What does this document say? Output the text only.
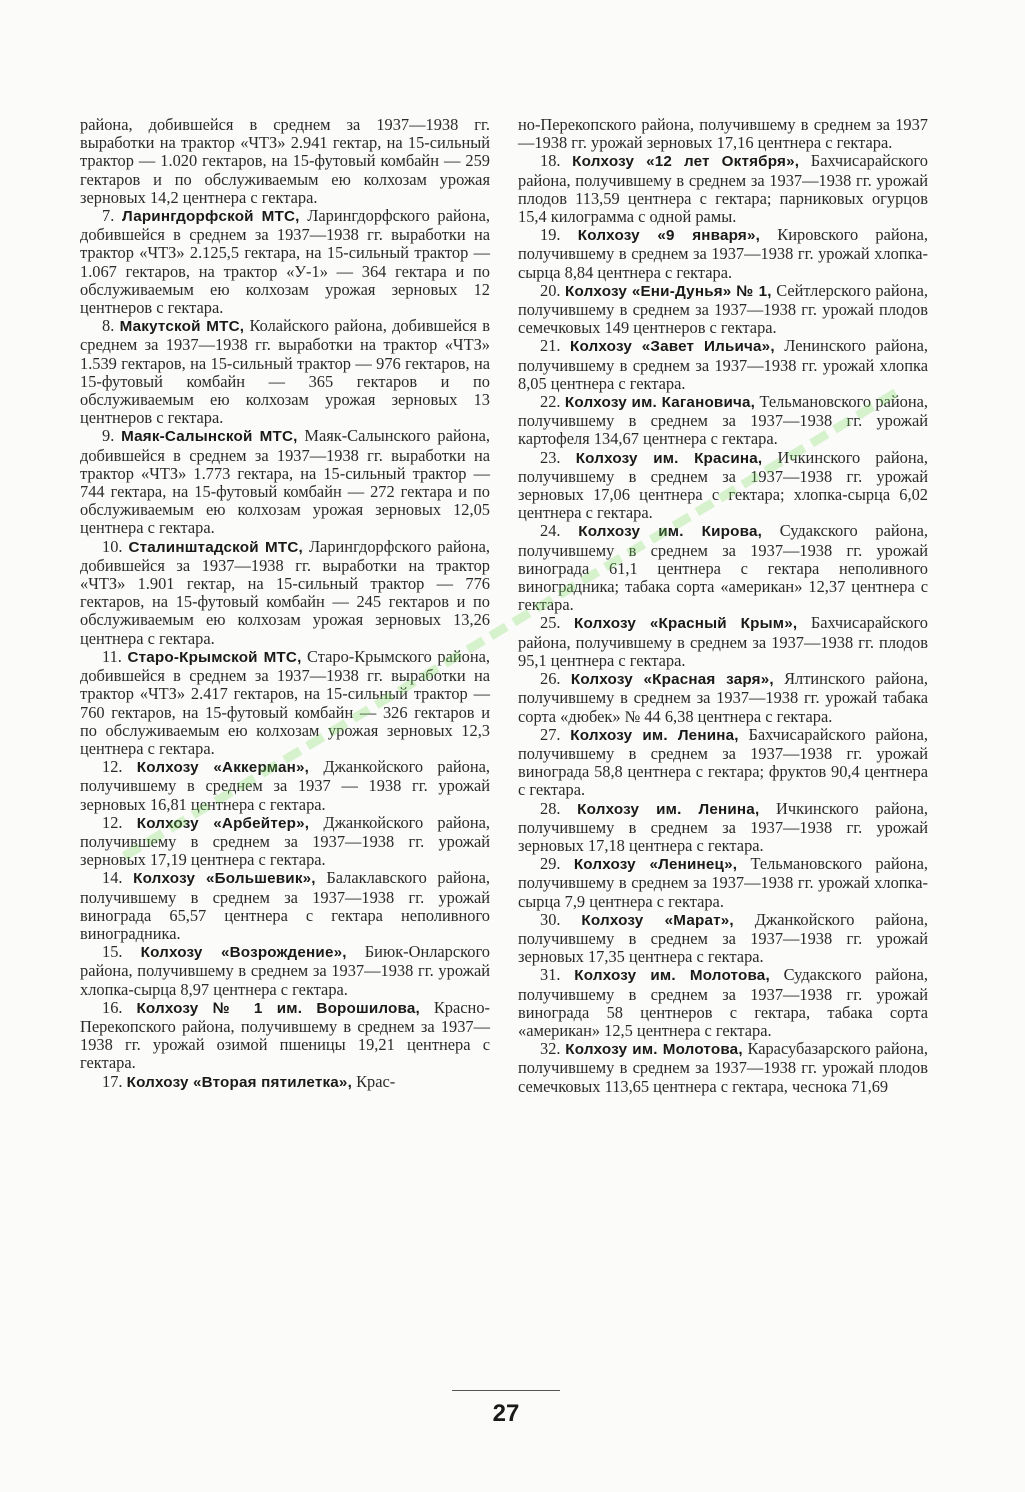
района, добившейся в среднем за 1937—1938 гг. выработки на трактор «ЧТЗ» 2.941 гектар, на 15-сильный трактор — 1.020 гектаров, на 15-футовый комбайн — 259 гектаров и по обслуживаемым ею колхозам урожая зерновых 14,2 центнера с гектара.

7. Ларингдорфской МТС, Ларингдорфского района, добившейся в среднем за 1937—1938 гг. выработки на трактор «ЧТЗ» 2.125,5 гектара, на 15-сильный трактор — 1.067 гектаров, на трактор «У-1» — 364 гектара и по обслуживаемым ею колхозам урожая зерновых 12 центнеров с гектара.

8. Макутской МТС, Колайского района, добившейся в среднем за 1937—1938 гг. выработки на трактор «ЧТЗ» 1.539 гектаров, на 15-сильный трактор — 976 гектаров, на 15-футовый комбайн — 365 гектаров и по обслуживаемым ею колхозам урожая зерновых 13 центнеров с гектара.

9. Маяк-Салынской МТС, Маяк-Салынского района, добившейся в среднем за 1937—1938 гг. выработки на трактор «ЧТЗ» 1.773 гектара, на 15-сильный трактор — 744 гектара, на 15-футовый комбайн — 272 гектара и по обслуживаемым ею колхозам урожая зерновых 12,05 центнера с гектара.

10. Сталинштадской МТС, Ларингдорфского района, добившейся за 1937—1938 гг. выработки на трактор «ЧТЗ» 1.901 гектар, на 15-сильный трактор — 776 гектаров, на 15-футовый комбайн — 245 гектаров и по обслуживаемым ею колхозам урожая зерновых 13,26 центнера с гектара.

11. Старо-Крымской МТС, Старо-Крымского района, добившейся в среднем за 1937—1938 гг. выработки на трактор «ЧТЗ» 2.417 гектаров, на 15-сильный трактор — 760 гектаров, на 15-футовый комбайн — 326 гектаров и по обслуживаемым ею колхозам урожая зерновых 12,3 центнера с гектара.

12. Колхозу «Аккерман», Джанкойского района, получившему в среднем за 1937 — 1938 гг. урожай зерновых 16,81 центнера с гектара.

12. Колхозу «Арбейтер», Джанкойского района, получившему в среднем за 1937—1938 гг. урожай зерновых 17,19 центнера с гектара.

14. Колхозу «Большевик», Балаклавского района, получившему в среднем за 1937—1938 гг. урожай винограда 65,57 центнера с гектара неполивного виноградника.

15. Колхозу «Возрождение», Биюк-Онларского района, получившему в среднем за 1937—1938 гг. урожай хлопка-сырца 8,97 центнера с гектара.

16. Колхозу № 1 им. Ворошилова, Красно-Перекопского района, получившему в среднем за 1937—1938 гг. урожай озимой пшеницы 19,21 центнера с гектара.

17. Колхозу «Вторая пятилетка», Крас-

но-Перекопского района, получившему в среднем за 1937—1938 гг. урожай зерновых 17,16 центнера с гектара.

18. Колхозу «12 лет Октября», Бахчисарайского района, получившему в среднем за 1937—1938 гг. урожай плодов 113,59 центнера с гектара; парниковых огурцов 15,4 килограмма с одной рамы.

19. Колхозу «9 января», Кировского района, получившему в среднем за 1937—1938 гг. урожай хлопка-сырца 8,84 центнера с гектара.

20. Колхозу «Ени-Дунья» № 1, Сейтлерского района, получившему в среднем за 1937—1938 гг. урожай плодов семечковых 149 центнеров с гектара.

21. Колхозу «Завет Ильича», Ленинского района, получившему в среднем за 1937—1938 гг. урожай хлопка 8,05 центнера с гектара.

22. Колхозу им. Кагановича, Тельмановского района, получившему в среднем за 1937—1938 гг. урожай картофеля 134,67 центнера с гектара.

23. Колхозу им. Красина, Ичкинского района, получившему в среднем за 1937—1938 гг. урожай зерновых 17,06 центнера с гектара; хлопка-сырца 6,02 центнера с гектара.

24. Колхозу им. Кирова, Судакского района, получившему в среднем за 1937—1938 гг. урожай винограда 61,1 центнера с гектара неполивного виноградника; табака сорта «американ» 12,37 центнера с гектара.

25. Колхозу «Красный Крым», Бахчисарайского района, получившему в среднем за 1937—1938 гг. плодов 95,1 центнера с гектара.

26. Колхозу «Красная заря», Ялтинского района, получившему в среднем за 1937—1938 гг. урожай табака сорта «дюбек» № 44 6,38 центнера с гектара.

27. Колхозу им. Ленина, Бахчисарайского района, получившему в среднем за 1937—1938 гг. урожай винограда 58,8 центнера с гектара; фруктов 90,4 центнера с гектара.

28. Колхозу им. Ленина, Ичкинского района, получившему в среднем за 1937—1938 гг. урожай зерновых 17,18 центнера с гектара.

29. Колхозу «Ленинец», Тельмановского района, получившему в среднем за 1937—1938 гг. урожай хлопка-сырца 7,9 центнера с гектара.

30. Колхозу «Марат», Джанкойского района, получившему в среднем за 1937—1938 гг. урожай зерновых 17,35 центнера с гектара.

31. Колхозу им. Молотова, Судакского района, получившему в среднем за 1937—1938 гг. урожай винограда 58 центнеров с гектара, табака сорта «американ» 12,5 центнера с гектара.

32. Колхозу им. Молотова, Карасубазарского района, получившему в среднем за 1937—1938 гг. урожай плодов семечковых 113,65 центнера с гектара, чеснока 71,69

27
